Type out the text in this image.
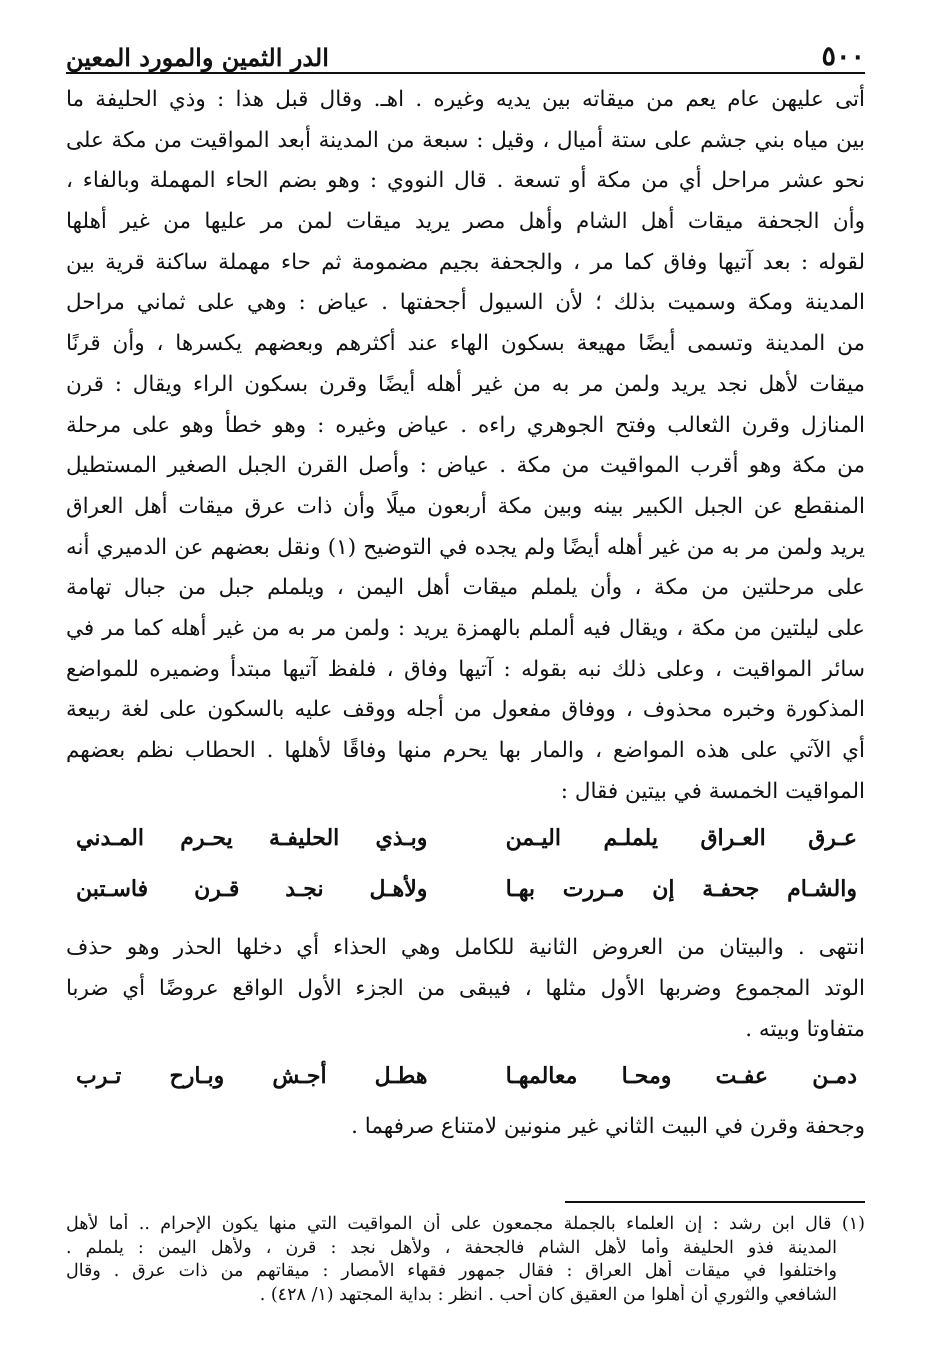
٥٠٠
الدر الثمين والمورد المعين
أتى عليهن عام يعم من ميقاته بين يديه وغيره . اهـ. وقال قبل هذا : وذي الحليفة ما
بين مياه بني جشم على ستة أميال ، وقيل : سبعة من المدينة أبعد المواقيت من مكة على
نحو عشر مراحل أي من مكة أو تسعة . قال النووي : وهو بضم الحاء المهملة وبالفاء ،
وأن الجحفة ميقات أهل الشام وأهل مصر يريد ميقات لمن مر عليها من غير أهلها
لقوله : بعد آتيها وفاق كما مر ، والجحفة بجيم مضمومة ثم حاء مهملة ساكنة قرية بين
المدينة ومكة وسميت بذلك ؛ لأن السيول أجحفتها . عياض : وهي على ثماني مراحل
من المدينة وتسمى أيضًا مهيعة بسكون الهاء عند أكثرهم وبعضهم يكسرها ، وأن قرنًا
ميقات لأهل نجد يريد ولمن مر به من غير أهله أيضًا وقرن بسكون الراء ويقال : قرن
المنازل وقرن الثعالب وفتح الجوهري راءه . عياض وغيره : وهو خطأ وهو على مرحلة
من مكة وهو أقرب المواقيت من مكة . عياض : وأصل القرن الجبل الصغير المستطيل
المنقطع عن الجبل الكبير بينه وبين مكة أربعون ميلًا وأن ذات عرق ميقات أهل العراق
يريد ولمن مر به من غير أهله أيضًا ولم يجده في التوضيح (١) ونقل بعضهم عن الدميري أنه
على مرحلتين من مكة ، وأن يلملم ميقات أهل اليمن ، ويلملم جبل من جبال تهامة
على ليلتين من مكة ، ويقال فيه ألملم بالهمزة يريد : ولمن مر به من غير أهله كما مر في
سائر المواقيت ، وعلى ذلك نبه بقوله : آتيها وفاق ، فلفظ آتيها مبتدأ وضميره للمواضع
المذكورة وخبره محذوف ، ووفاق مفعول من أجله ووقف عليه بالسكون على لغة ربيعة
أي الآتي على هذه المواضع ، والمار بها يحرم منها وفاقًا لأهلها . الحطاب نظم بعضهم
المواقيت الخمسة في بيتين فقال :
عـرق العـراق يلملـم اليـمن
وبـذي الحليفـة يحـرم المـدني
والشـام جحفـة إن مـررت بهـا
ولأهـل نجـد قـرن فاسـتبن
انتهى . والبيتان من العروض الثانية للكامل وهي الحذاء أي دخلها الحذر وهو حذف
الوتد المجموع وضربها الأول مثلها ، فيبقى من الجزء الأول الواقع عروضًا أي ضربا
متفاوتا وبيته .
دمـن عفـت ومحـا معالمهـا
هطـل أجـش وبـارح تـرب
وجحفة وقرن في البيت الثاني غير منونين لامتناع صرفهما .
(١) قال ابن رشد : إن العلماء بالجملة مجمعون على أن المواقيت التي منها يكون الإحرام .. أما لأهل
المدينة فذو الحليفة وأما لأهل الشام فالجحفة ، ولأهل نجد : قرن ، ولأهل اليمن : يلملم .
واختلفوا في ميقات أهل العراق : فقال جمهور فقهاء الأمصار : ميقاتهم من ذات عرق . وقال
الشافعي والثوري أن أهلوا من العقيق كان أحب . انظر : بداية المجتهد (١/ ٤٢٨) .
